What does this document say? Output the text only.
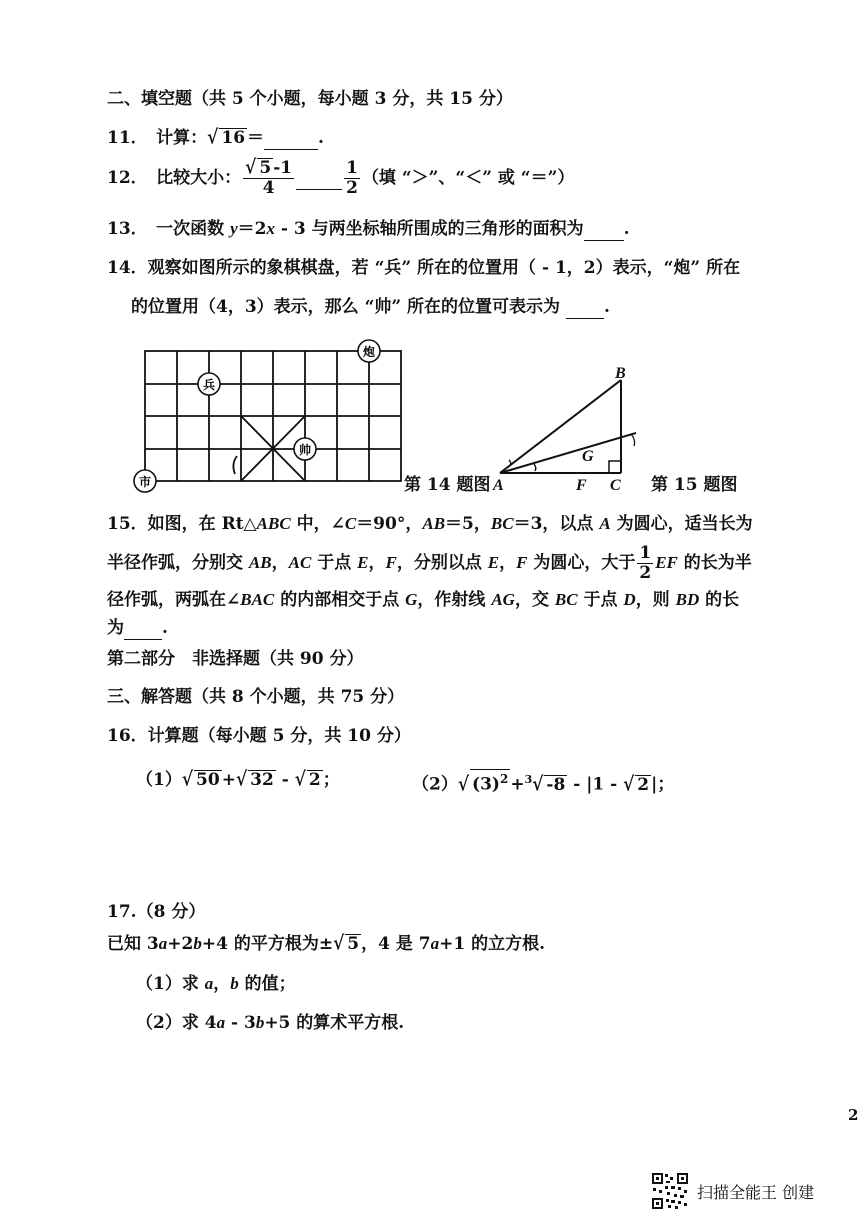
二、填空题（共 5 个小题，每小题 3 分，共 15 分）
11．　计算：√ 16 ＝	.
12．　比较大小： $\frac{√ 5 -1}{4}$
	$\frac{1}{2}$ （填 “＞”、“＜” 或 “＝”）
13．　一次函数 y＝2x - 3 与两坐标轴所围成的三角形的面积为 .
14．观察如图所示的象棋棋盘，若 “兵” 所在的位置用（ - 1，2）表示，“炮” 所在
的位置用（4，3）表示，那么 “帅” 所在的位置可表示为  .
炮
兵
帅
市	第 14 题图
B
G
A	F C 第 15 题图
15．如图，在 Rt△ABC 中，∠C＝90°，AB＝5，BC＝3，以点 A 为圆心，适当长为
半径作弧，分别交 AB，AC 于点 E，F，分别以点 E，F 为圆心，大于 $\frac{1}{2}$ EF 的长为半
径作弧，两弧在∠BAC 的内部相交于点 G，作射线 AG，交 BC 于点 D，则 BD 的长
为 .
第二部分　非选择题（共 90 分）
三、解答题（共 8 个小题，共 75 分）
16．计算题（每小题 5 分，共 10 分）
（1）√ 50 +√ 32 - √ 2 ；	（2）√ $(3)^2 +^3√$ -8 - |1 - √ 2 |；
17.（8 分）
已知 3a+2b+4 的平方根为±√ 5 ，4 是 7a+1 的立方根.
（1）求 a，b 的值；
（2）求 4a - 3b+5 的算术平方根.
2
扫描全能王 创建
